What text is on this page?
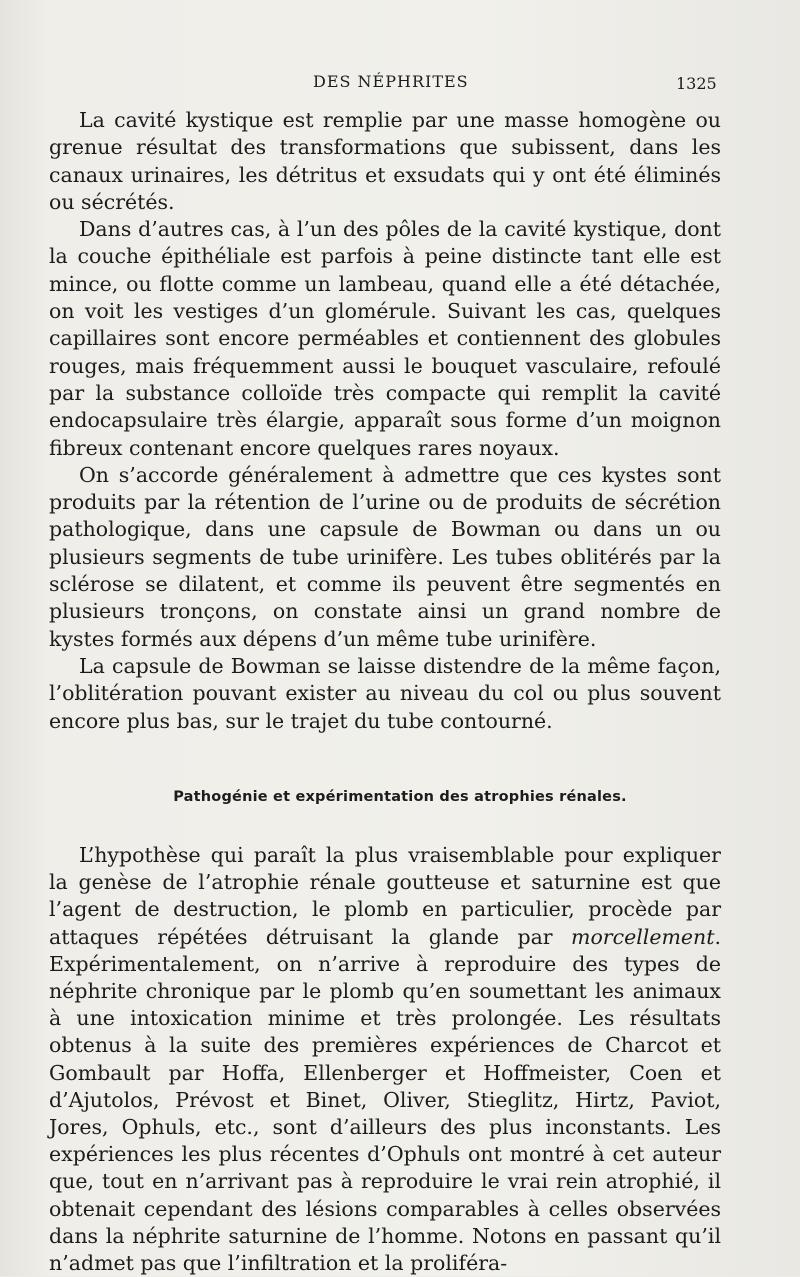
DES NÉPHRITES	1325

La cavité kystique est remplie par une masse homogène ou grenue résultat des transformations que subissent, dans les canaux urinaires, les détritus et exsudats qui y ont été éliminés ou sécrétés.

Dans d’autres cas, à l’un des pôles de la cavité kystique, dont la couche épithéliale est parfois à peine distincte tant elle est mince, ou flotte comme un lambeau, quand elle a été détachée, on voit les vestiges d’un glomérule. Suivant les cas, quelques capillaires sont encore perméables et contiennent des globules rouges, mais fréquemment aussi le bouquet vasculaire, refoulé par la substance colloïde très compacte qui remplit la cavité endocapsulaire très élargie, apparaît sous forme d’un moignon fibreux contenant encore quelques rares noyaux.

On s’accorde généralement à admettre que ces kystes sont produits par la rétention de l’urine ou de produits de sécrétion pathologique, dans une capsule de Bowman ou dans un ou plusieurs segments de tube urinifère. Les tubes oblitérés par la sclérose se dilatent, et comme ils peuvent être segmentés en plusieurs tronçons, on constate ainsi un grand nombre de kystes formés aux dépens d’un même tube urinifère.

La capsule de Bowman se laisse distendre de la même façon, l’oblitération pouvant exister au niveau du col ou plus souvent encore plus bas, sur le trajet du tube contourné.

Pathogénie et expérimentation des atrophies rénales.

L’hypothèse qui paraît la plus vraisemblable pour expliquer la genèse de l’atrophie rénale goutteuse et saturnine est que l’agent de destruction, le plomb en particulier, procède par attaques répétées détruisant la glande par morcellement. Expérimentalement, on n’arrive à reproduire des types de néphrite chronique par le plomb qu’en soumettant les animaux à une intoxication minime et très prolongée. Les résultats obtenus à la suite des premières expériences de Charcot et Gombault par Hoffa, Ellenberger et Hoffmeister, Coen et d’Ajutolos, Prévost et Binet, Oliver, Stieglitz, Hirtz, Paviot, Jores, Ophuls, etc., sont d’ailleurs des plus inconstants. Les expériences les plus récentes d’Ophuls ont montré à cet auteur que, tout en n’arrivant pas à reproduire le vrai rein atrophié, il obtenait cependant des lésions comparables à celles observées dans la néphrite saturnine de l’homme. Notons en passant qu’il n’admet pas que l’infiltration et la proliféra-
